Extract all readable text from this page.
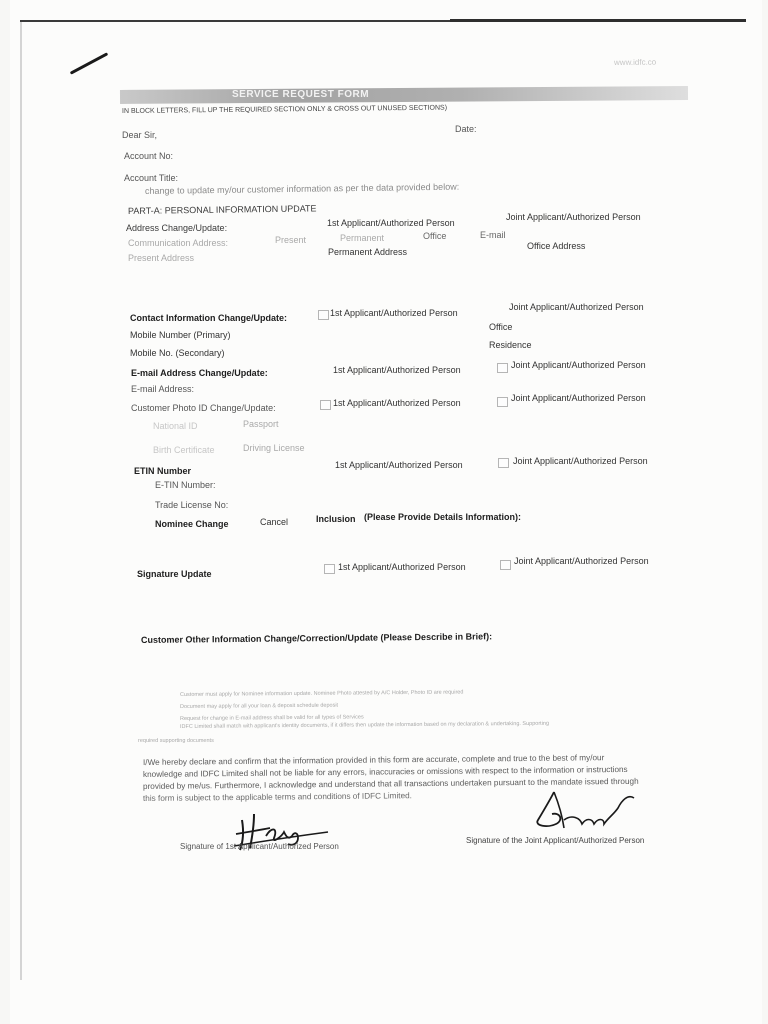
www.idfc.co
SERVICE REQUEST FORM
IN BLOCK LETTERS, FILL UP THE REQUIRED SECTION ONLY & CROSS OUT UNUSED SECTIONS)
Dear Sir,
Date:
Account No:
Account Title:
change to update my/our customer information as per the data provided below:
PART-A: PERSONAL INFORMATION UPDATE
Address Change/Update:	1st Applicant/Authorized Person
Joint Applicant/Authorized Person
Communication Address:	Present	Permanent	Office	E-mail
Present Address
Permanent Address
Office Address
Contact Information Change/Update:	1st Applicant/Authorized Person
Joint Applicant/Authorized Person
Mobile Number (Primary)
Office
Mobile No. (Secondary)
Residence
E-mail Address Change/Update:	1st Applicant/Authorized Person	Joint Applicant/Authorized Person
E-mail Address:
Customer Photo ID Change/Update:	1st Applicant/Authorized Person	Joint Applicant/Authorized Person
National ID	Passport
Birth Certificate	Driving License
ETIN Number
1st Applicant/Authorized Person	Joint Applicant/Authorized Person
E-TIN Number:
Trade License No:
Nominee Change	Cancel	Inclusion (Please Provide Details Information):
Signature Update
1st Applicant/Authorized Person
Joint Applicant/Authorized Person
Customer Other Information Change/Correction/Update (Please Describe in Brief):
Customer must apply for Nominee information update. Nominee Photo attested by A/C Holder, Photo ID are required
Document may apply for all your loan & deposit schedule deposit
Request for change in E-mail address shall be valid for all types of Services
IDFC Limited shall match with applicant's identity documents, if it differs then update the information based on my declaration & undertaking. Supporting
required supporting documents
I/We hereby declare and confirm that the information provided in this form are accurate, complete and true to the best of my/our
knowledge and IDFC Limited shall not be liable for any errors, inaccuracies or omissions with respect to the information or instructions
provided by me/us. Furthermore, I acknowledge and understand that all transactions undertaken pursuant to the mandate issued through
this form is subject to the applicable terms and conditions of IDFC Limited.
Signature of 1st Applicant/Authorized Person
Signature of the Joint Applicant/Authorized Person
